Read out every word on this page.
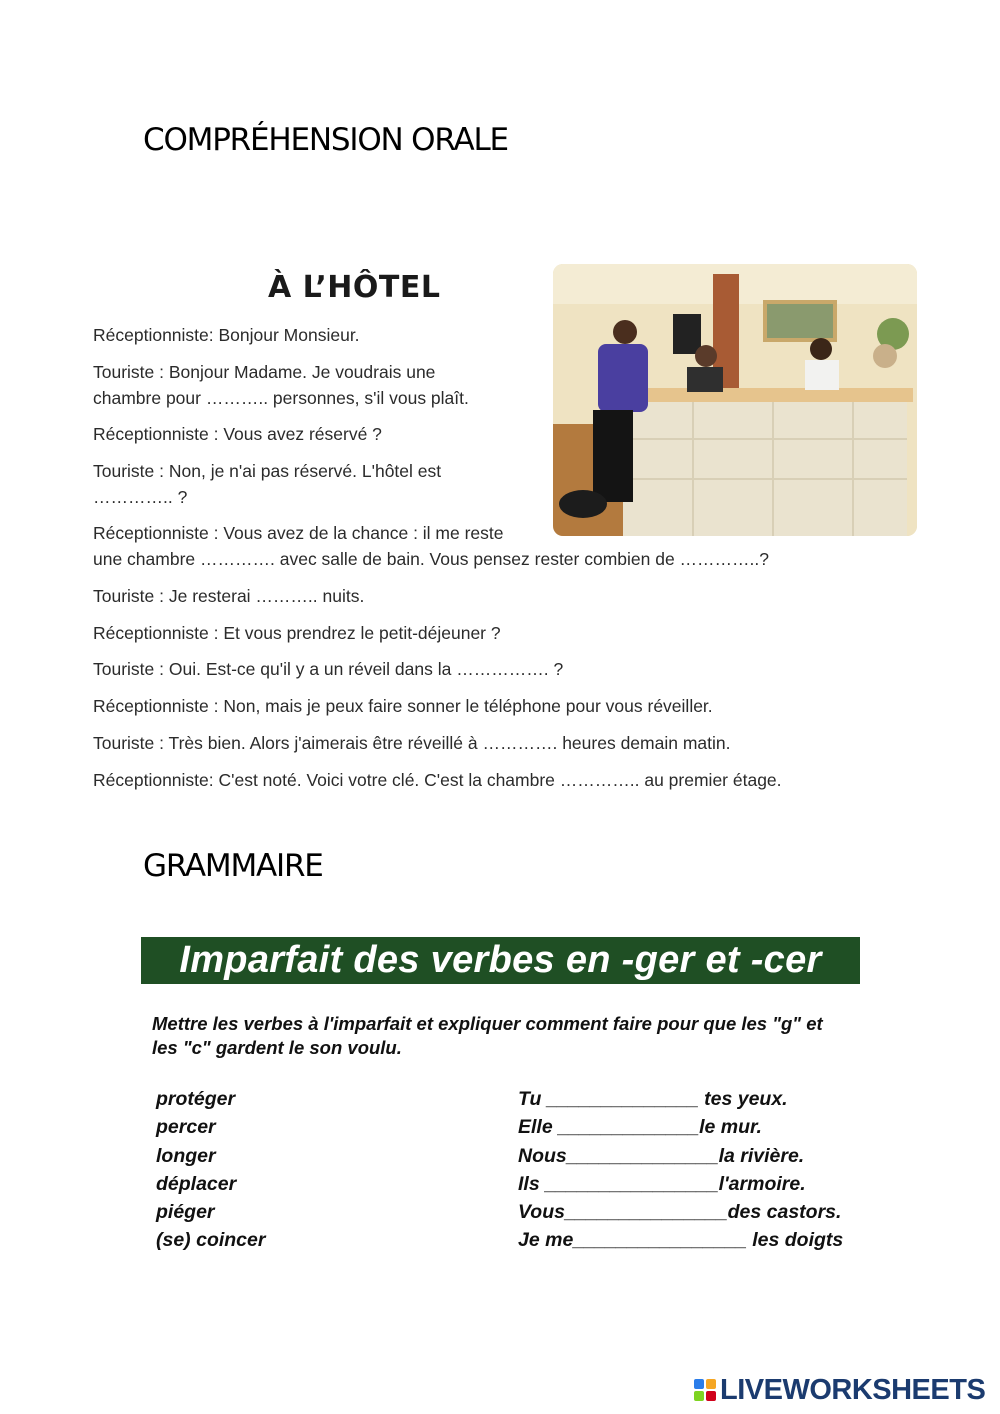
COMPRÉHENSION ORALE
À L’HÔTEL

Réceptionniste: Bonjour Monsieur.

Touriste : Bonjour Madame. Je voudrais une

chambre pour ……….. personnes, s'il vous plaît.

Réceptionniste : Vous avez réservé ?

Touriste : Non, je n'ai pas réservé. L'hôtel est

………….. ?

Réceptionniste : Vous avez de la chance : il me reste

une chambre …………. avec salle de bain. Vous pensez rester combien de …………..?

Touriste : Je resterai ……….. nuits.

Réceptionniste : Et vous prendrez le petit-déjeuner ?

Touriste : Oui. Est-ce qu'il y a un réveil dans la ……………. ?

Réceptionniste : Non, mais je peux faire sonner le téléphone pour vous réveiller.

Touriste : Très bien. Alors j'aimerais être réveillé à …………. heures demain matin.

Réceptionniste: C'est noté. Voici votre clé. C'est la chambre ………….. au premier étage.

GRAMMAIRE
Imparfait des verbes en -ger et -cer

Mettre les verbes à l'imparfait et expliquer comment faire pour que les "g" et les "c" gardent le son voulu.

protéger
percer
longer
déplacer
piéger
(se) coincer
Tu ______________ tes yeux.
Elle _____________le mur.
Nous______________la rivière.
Ils ________________l'armoire.
Vous_______________des castors.
Je me________________ les doigts
LIVEWORKSHEETS
